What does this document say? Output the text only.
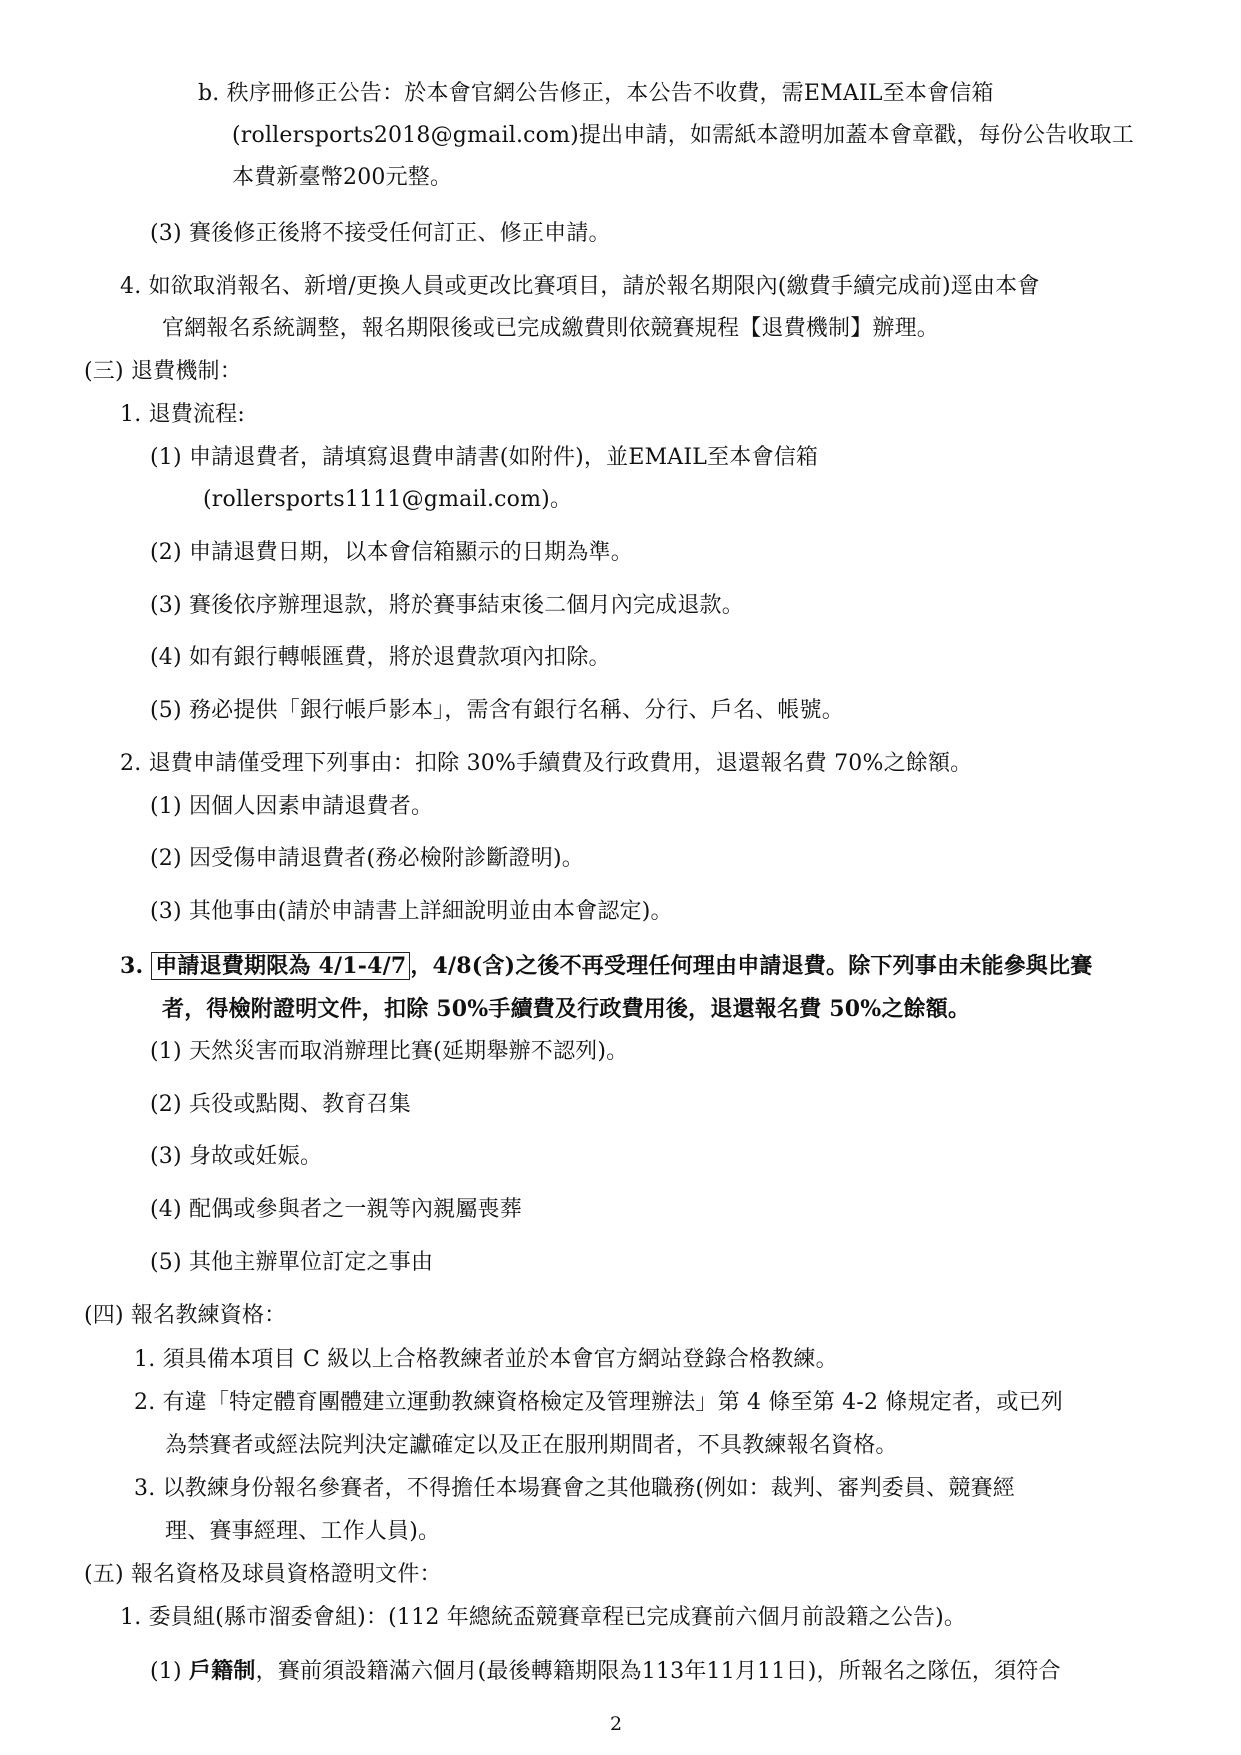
b. 秩序冊修正公告：於本會官網公告修正，本公告不收費，需EMAIL至本會信箱
(rollersports2018@gmail.com)提出申請，如需紙本證明加蓋本會章戳，每份公告收取工
本費新臺幣200元整。
(3) 賽後修正後將不接受任何訂正、修正申請。
4. 如欲取消報名、新增/更換人員或更改比賽項目，請於報名期限內(繳費手續完成前)逕由本會
官網報名系統調整，報名期限後或已完成繳費則依競賽規程【退費機制】辦理。
(三) 退費機制：
1. 退費流程:
(1) 申請退費者，請填寫退費申請書(如附件)，並EMAIL至本會信箱
(rollersports1111@gmail.com)。
(2) 申請退費日期，以本會信箱顯示的日期為準。
(3) 賽後依序辦理退款，將於賽事結束後二個月內完成退款。
(4) 如有銀行轉帳匯費，將於退費款項內扣除。
(5) 務必提供「銀行帳戶影本」，需含有銀行名稱、分行、戶名、帳號。
2. 退費申請僅受理下列事由：扣除 30%手續費及行政費用，退還報名費 70%之餘額。
(1) 因個人因素申請退費者。
(2) 因受傷申請退費者(務必檢附診斷證明)。
(3) 其他事由(請於申請書上詳細說明並由本會認定)。
3. 申請退費期限為 4/1-4/7 ，4/8(含)之後不再受理任何理由申請退費。除下列事由未能參與比賽
者，得檢附證明文件，扣除 50%手續費及行政費用後，退還報名費 50%之餘額。
(1) 天然災害而取消辦理比賽(延期舉辦不認列)。
(2) 兵役或點閱、教育召集
(3) 身故或妊娠。
(4) 配偶或參與者之一親等內親屬喪葬
(5) 其他主辦單位訂定之事由
(四) 報名教練資格：
1. 須具備本項目 C 級以上合格教練者並於本會官方網站登錄合格教練。
2. 有違「特定體育團體建立運動教練資格檢定及管理辦法」第 4 條至第 4-2 條規定者，或已列
為禁賽者或經法院判決定讞確定以及正在服刑期間者，不具教練報名資格。
3. 以教練身份報名參賽者，不得擔任本場賽會之其他職務(例如：裁判、審判委員、競賽經
理、賽事經理、工作人員)。
(五) 報名資格及球員資格證明文件：
1. 委員組(縣市溜委會組)：(112 年總統盃競賽章程已完成賽前六個月前設籍之公告)。
(1) 戶籍制，賽前須設籍滿六個月(最後轉籍期限為113年11月11日)，所報名之隊伍，須符合
2
